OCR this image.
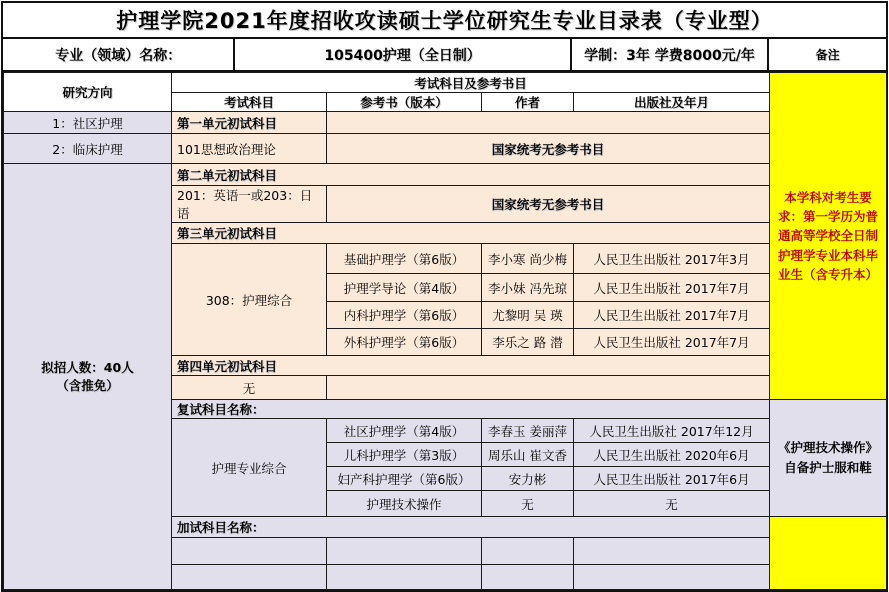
护理学院2021年度招收攻读硕士学位研究生专业目录表（专业型）
专业（领域）名称：	105400护理（全日制）	学制：3年 学费8000元/年	备注
研究方向	考试科目及参考书目				本学科对考生要求：第一学历为普通高等学校全日制护理学专业本科毕业生（含专升本）
	考试科目	参考书（版本）	作者	出版社及年月	
1：社区护理	第一单元初试科目				
2：临床护理	101思想政治理论	国家统考无参考书目			

拟招人数：40人
（含推免）	第二单元初试科目				
	201：英语一或203：日语	国家统考无参考书目			
	第三单元初试科目				
	308：护理综合	基础护理学（第6版）	李小寒 尚少梅	人民卫生出版社 2017年3月	
		护理学导论（第4版）	李小妹 冯先琼	人民卫生出版社 2017年7月	
		内科护理学（第6版）	尤黎明 吴 瑛	人民卫生出版社 2017年7月	
		外科护理学（第6版）	李乐之 路 潜	人民卫生出版社 2017年7月	
	第四单元初试科目				
	无				
	复试科目名称：				《护理技术操作》
自备护士服和鞋

	护理专业综合	社区护理学（第4版）	李春玉 姜丽萍	人民卫生出版社 2017年12月	
		儿科护理学（第3版）	周乐山 崔文香	人民卫生出版社 2020年6月	
		妇产科护理学（第6版）	安力彬	人民卫生出版社 2017年6月	
		护理技术操作	无	无	
	加试科目名称：				
